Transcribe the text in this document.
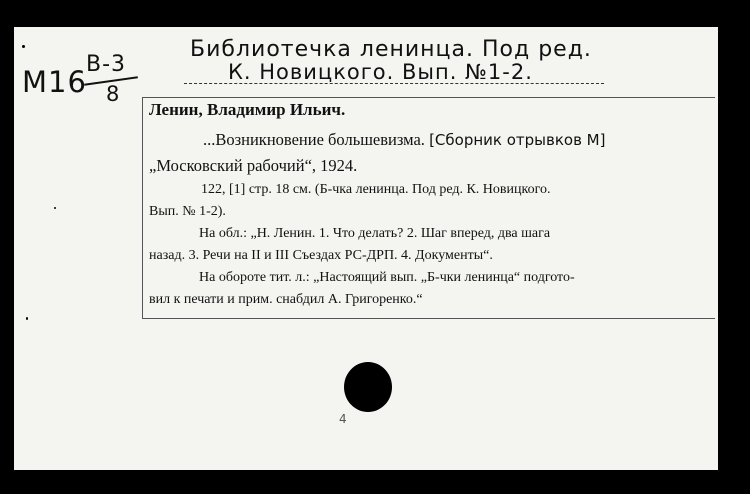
Библиотечка ленинца. Под ред.
К. Новицкого. Вып. №1-2.
М16
В-3
8
Ленин, Владимир Ильич.
...Возникновение большевизма. [Сборник отрывков М]
„Московский рабочий“, 1924.
122, [1] стр. 18 см. (Б-чка ленинца. Под ред. К. Новицкого.
Вып. № 1-2).
На обл.: „Н. Ленин. 1. Что делать? 2. Шаг вперед, два шага
назад. 3. Речи на II и III Съездах РС-ДРП. 4. Документы“.
На обороте тит. л.: „Настоящий вып. „Б-чки ленинца“ подгото-
вил к печати и прим. снабдил А. Григоренко.“
4
